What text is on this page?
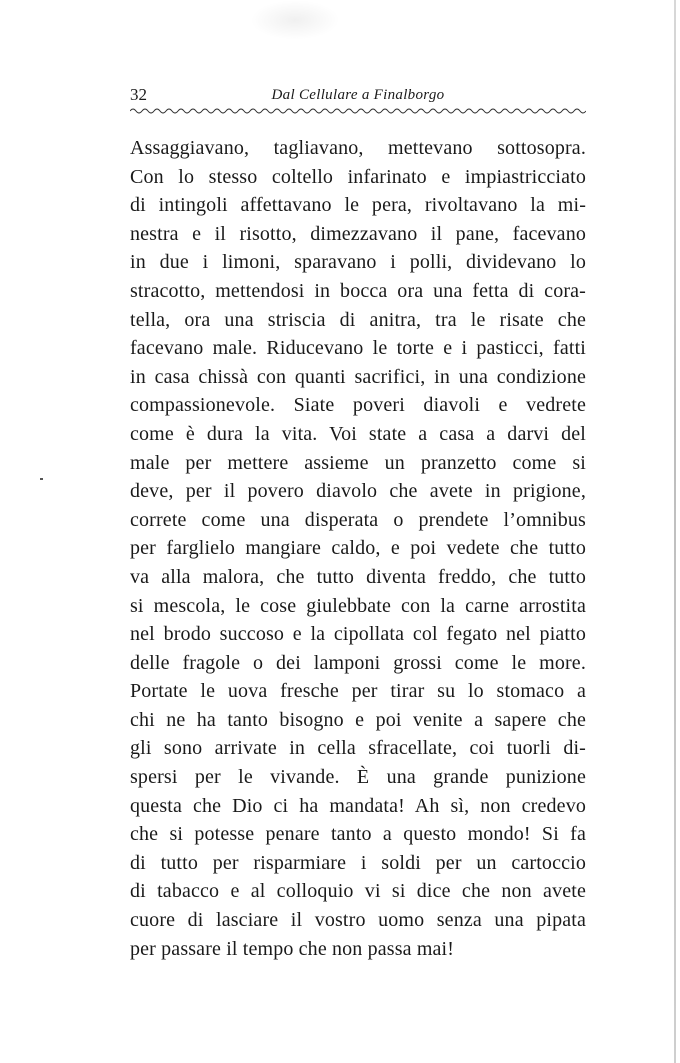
32	Dal Cellulare a Finalborgo
Assaggiavano, tagliavano, mettevano sottosopra.
Con lo stesso coltello infarinato e impiastricciato
di intingoli affettavano le pera, rivoltavano la mi-
nestra e il risotto, dimezzavano il pane, facevano
in due i limoni, sparavano i polli, dividevano lo
stracotto, mettendosi in bocca ora una fetta di cora-
tella, ora una striscia di anitra, tra le risate che
facevano male. Riducevano le torte e i pasticci, fatti
in casa chissà con quanti sacrifici, in una condizione
compassionevole. Siate poveri diavoli e vedrete
come è dura la vita. Voi state a casa a darvi del
male per mettere assieme un pranzetto come si
deve, per il povero diavolo che avete in prigione,
correte come una disperata o prendete l’omnibus
per farglielo mangiare caldo, e poi vedete che tutto
va alla malora, che tutto diventa freddo, che tutto
si mescola, le cose giulebbate con la carne arrostita
nel brodo succoso e la cipollata col fegato nel piatto
delle fragole o dei lamponi grossi come le more.
Portate le uova fresche per tirar su lo stomaco a
chi ne ha tanto bisogno e poi venite a sapere che
gli sono arrivate in cella sfracellate, coi tuorli di-
spersi per le vivande. È una grande punizione
questa che Dio ci ha mandata! Ah sì, non credevo
che si potesse penare tanto a questo mondo! Si fa
di tutto per risparmiare i soldi per un cartoccio
di tabacco e al colloquio vi si dice che non avete
cuore di lasciare il vostro uomo senza una pipata
per passare il tempo che non passa mai!
